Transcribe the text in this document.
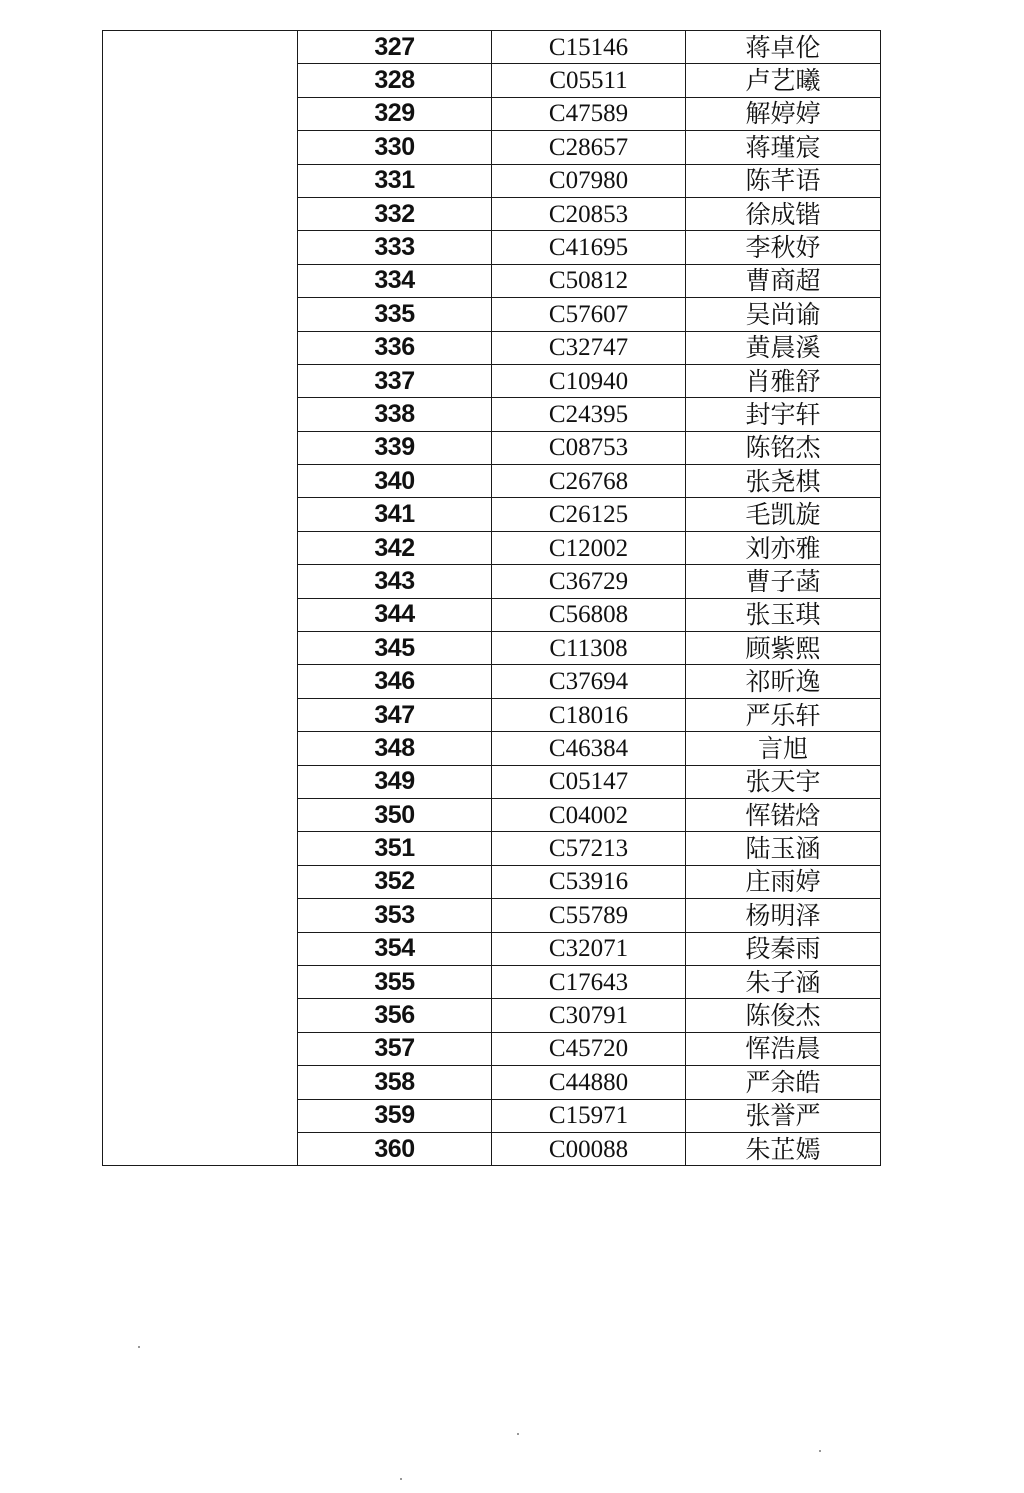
	327	C15146	蒋卓伦
	328	C05511	卢艺曦
	329	C47589	解婷婷
	330	C28657	蒋瑾宸
	331	C07980	陈芊语
	332	C20853	徐成锴
	333	C41695	李秋妤
	334	C50812	曹商超
	335	C57607	吴尚谕
	336	C32747	黄晨溪
	337	C10940	肖雅舒
	338	C24395	封宇轩
	339	C08753	陈铭杰
	340	C26768	张尧棋
	341	C26125	毛凯旋
	342	C12002	刘亦雅
	343	C36729	曹子菡
	344	C56808	张玉琪
	345	C11308	顾紫熙
	346	C37694	祁昕逸
	347	C18016	严乐轩
	348	C46384	言旭
	349	C05147	张天宇
	350	C04002	恽锘焓
	351	C57213	陆玉涵
	352	C53916	庄雨婷
	353	C55789	杨明泽
	354	C32071	段秦雨
	355	C17643	朱子涵
	356	C30791	陈俊杰
	357	C45720	恽浩晨
	358	C44880	严余皓
	359	C15971	张誉严
	360	C00088	朱芷嫣
